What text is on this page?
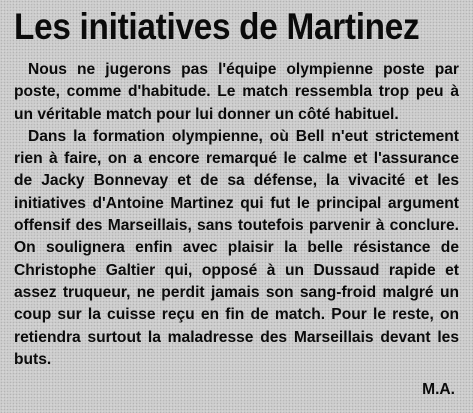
Les initiatives de Martinez

Nous ne jugerons pas l'équipe olympienne poste par poste, comme d'habitude. Le match ressembla trop peu à un véritable match pour lui donner un côté habituel.

Dans la formation olympienne, où Bell n'eut strictement rien à faire, on a encore remarqué le calme et l'assurance de Jacky Bonnevay et de sa défense, la vivacité et les initiatives d'Antoine Martinez qui fut le principal argument offensif des Marseillais, sans toutefois parvenir à conclure. On soulignera enfin avec plaisir la belle résistance de Christophe Galtier qui, opposé à un Dussaud rapide et assez truqueur, ne perdit jamais son sang-froid malgré un coup sur la cuisse reçu en fin de match. Pour le reste, on retiendra surtout la maladresse des Marseillais devant les buts.

M.A.
